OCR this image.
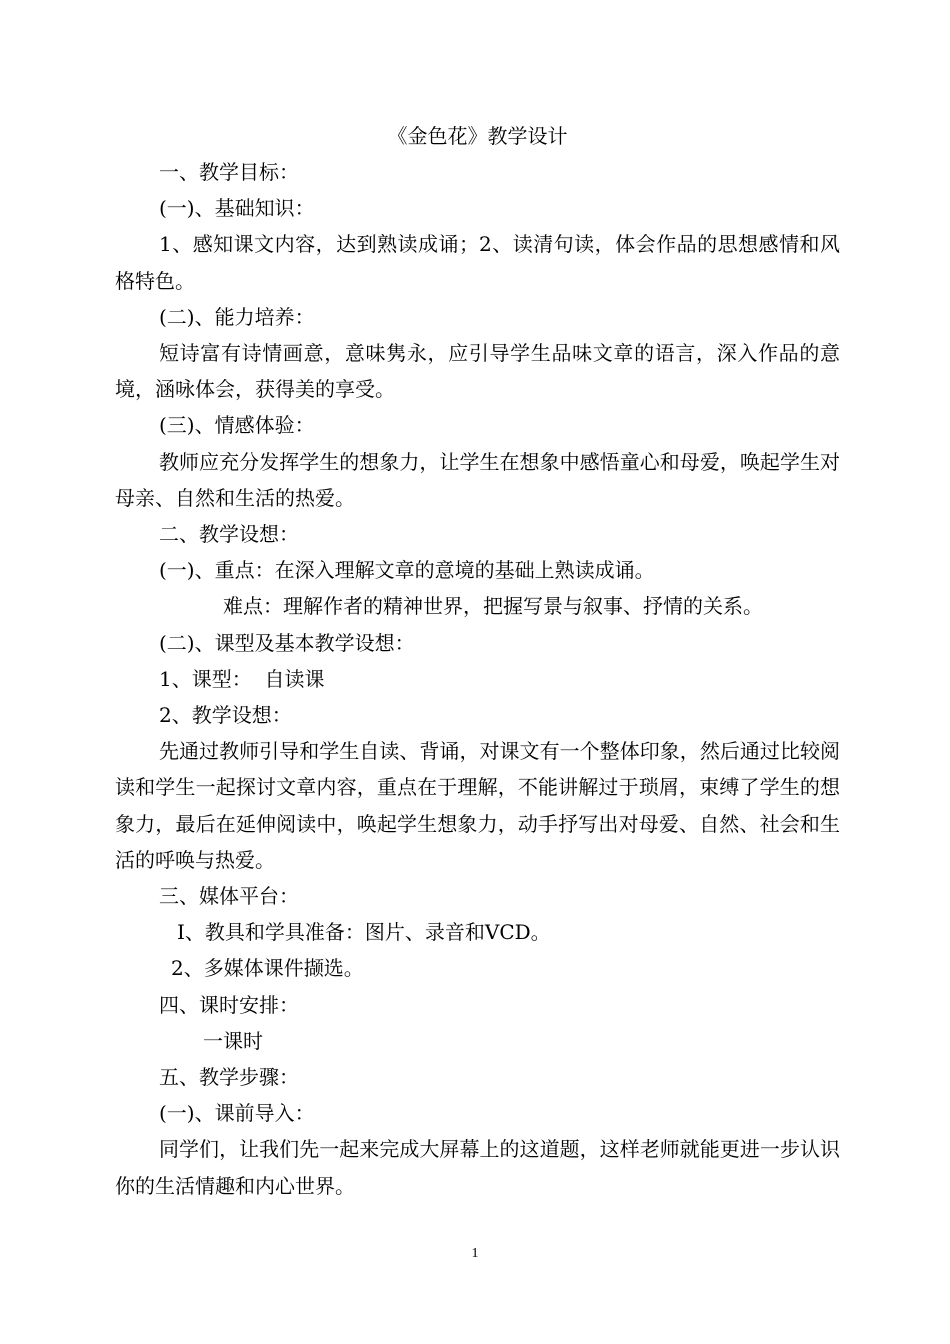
《金色花》教学设计

一、教学目标：

(一)、基础知识：

1、感知课文内容，达到熟读成诵；2、读清句读，体会作品的思想感情和风格特色。

(二)、能力培养：

短诗富有诗情画意，意味隽永，应引导学生品味文章的语言，深入作品的意境，涵咏体会，获得美的享受。

(三)、情感体验：

教师应充分发挥学生的想象力，让学生在想象中感悟童心和母爱，唤起学生对母亲、自然和生活的热爱。

二、教学设想：

(一)、重点：在深入理解文章的意境的基础上熟读成诵。

难点：理解作者的精神世界，把握写景与叙事、抒情的关系。

(二)、课型及基本教学设想：

1、课型：  自读课

2、教学设想：

先通过教师引导和学生自读、背诵，对课文有一个整体印象，然后通过比较阅读和学生一起探讨文章内容，重点在于理解，不能讲解过于琐屑，束缚了学生的想象力，最后在延伸阅读中，唤起学生想象力，动手抒写出对母爱、自然、社会和生活的呼唤与热爱。

三、媒体平台：

I、教具和学具准备：图片、录音和VCD。

2、多媒体课件撷选。

四、课时安排：

一课时

五、教学步骤：

(一)、课前导入：

同学们，让我们先一起来完成大屏幕上的这道题，这样老师就能更进一步认识你的生活情趣和内心世界。

1
